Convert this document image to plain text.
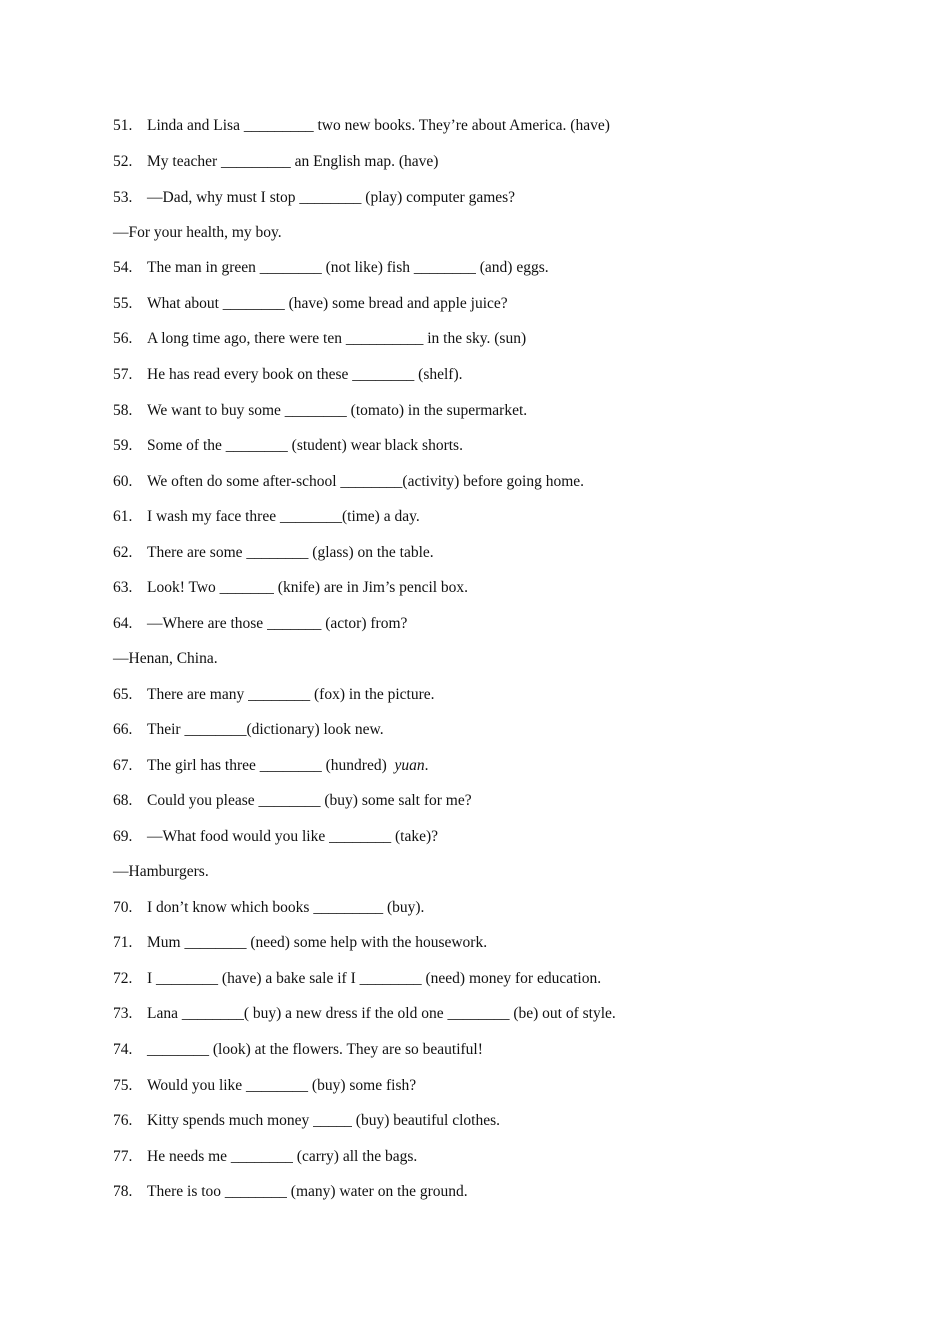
51. Linda and Lisa _________ two new books. They’re about America. (have)
52. My teacher _________ an English map. (have)
53. —Dad, why must I stop ________ (play) computer games?
—For your health, my boy.
54. The man in green ________ (not like) fish ________ (and) eggs.
55. What about ________ (have) some bread and apple juice?
56. A long time ago, there were ten __________ in the sky. (sun)
57. He has read every book on these ________ (shelf).
58. We want to buy some ________ (tomato) in the supermarket.
59. Some of the ________ (student) wear black shorts.
60. We often do some after-school ________(activity) before going home.
61. I wash my face three ________(time) a day.
62. There are some ________ (glass) on the table.
63. Look! Two _______ (knife) are in Jim’s pencil box.
64. —Where are those _______ (actor) from?
—Henan, China.
65. There are many ________ (fox) in the picture.
66. Their ________(dictionary) look new.
67. The girl has three ________ (hundred)  yuan.
68. Could you please ________ (buy) some salt for me?
69. —What food would you like ________ (take)?
—Hamburgers.
70. I don’t know which books _________ (buy).
71. Mum ________ (need) some help with the housework.
72. I ________ (have) a bake sale if I ________ (need) money for education.
73. Lana ________( buy) a new dress if the old one ________ (be) out of style.
74. ________ (look) at the flowers. They are so beautiful!
75. Would you like ________ (buy) some fish?
76. Kitty spends much money _____ (buy) beautiful clothes.
77. He needs me ________ (carry) all the bags.
78. There is too ________ (many) water on the ground.
